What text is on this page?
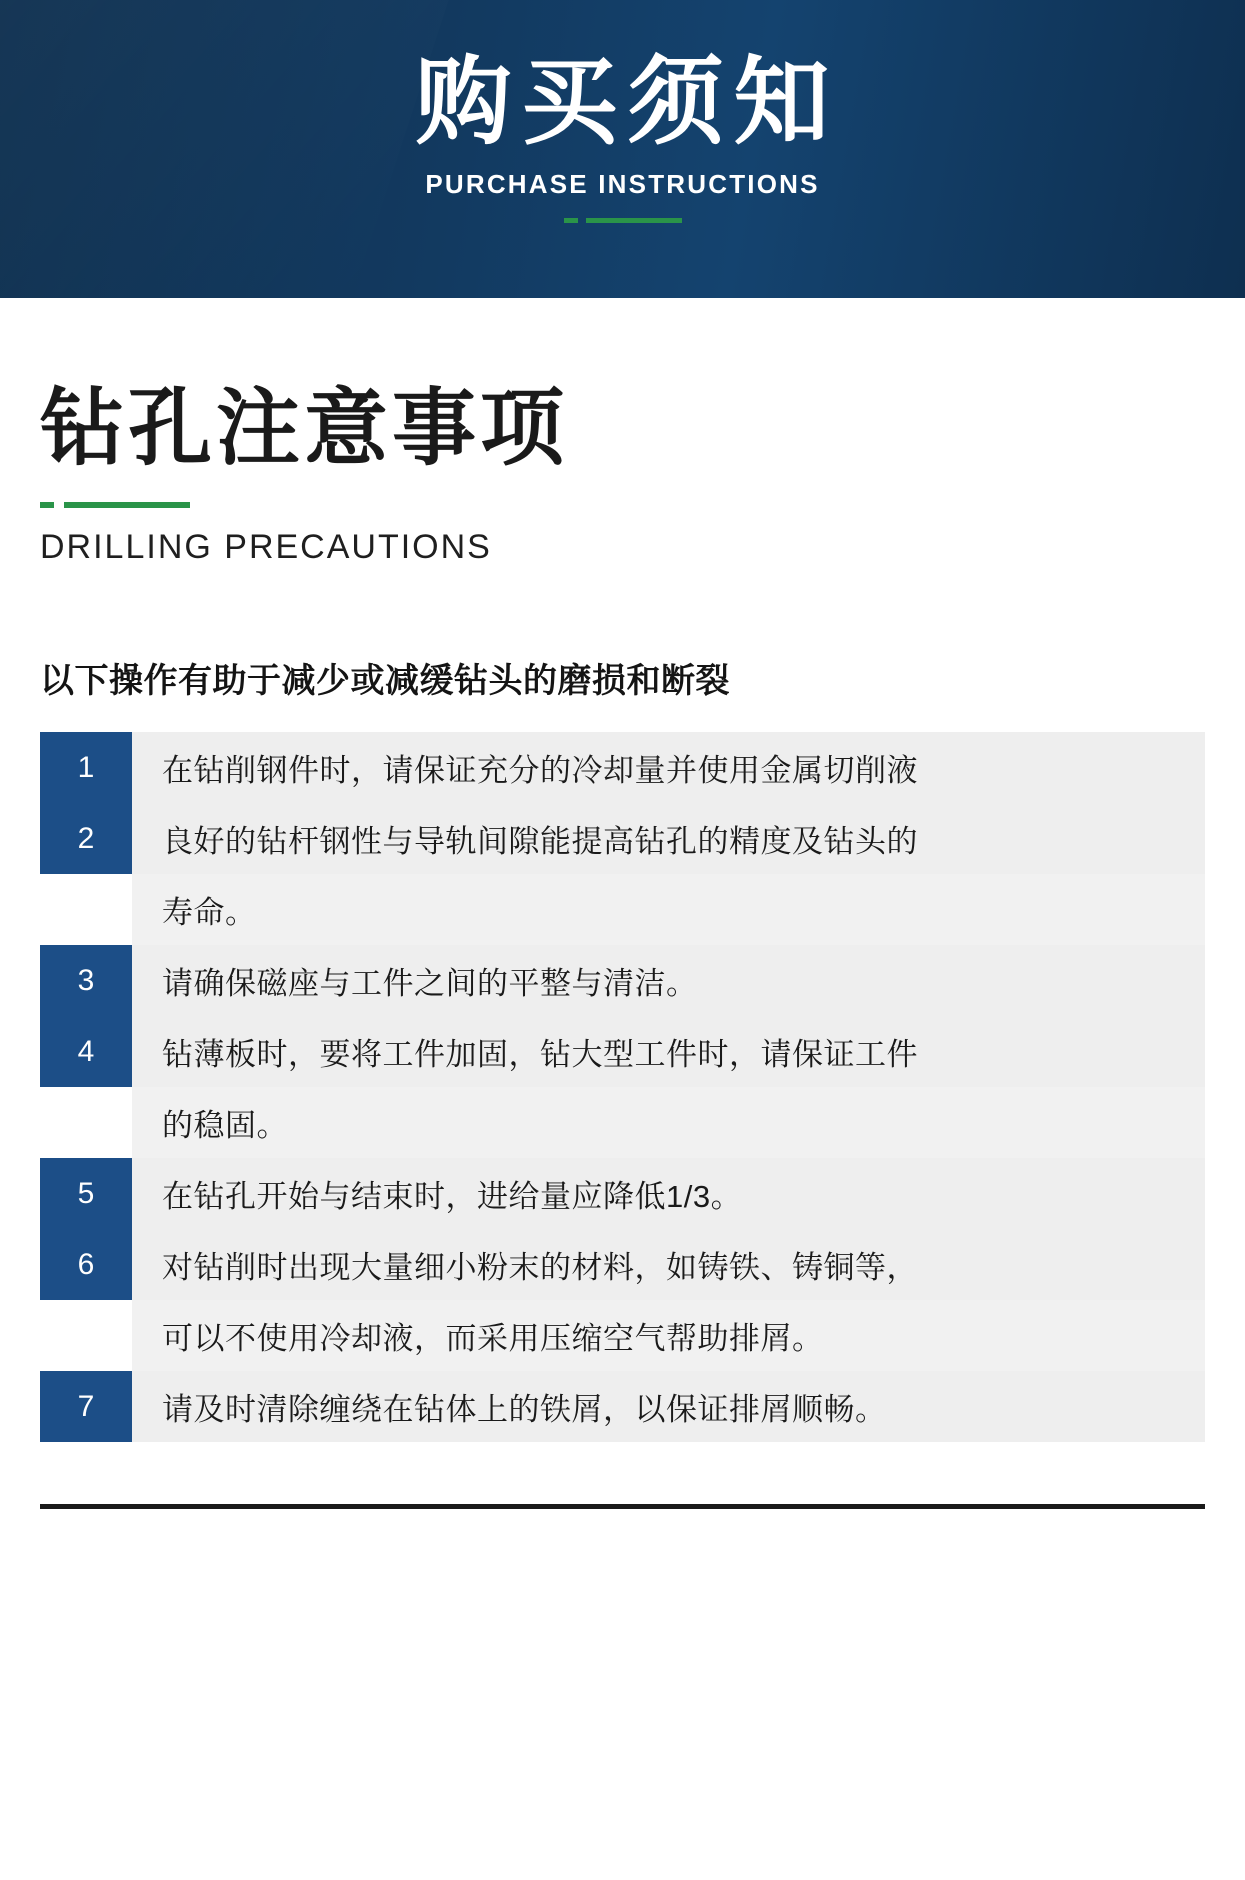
购买须知
PURCHASE INSTRUCTIONS
钻孔注意事项
DRILLING PRECAUTIONS
以下操作有助于减少或减缓钻头的磨损和断裂
1	在钻削钢件时，请保证充分的冷却量并使用金属切削液
2	良好的钻杆钢性与导轨间隙能提高钻孔的精度及钻头的
寿命。
3	请确保磁座与工件之间的平整与清洁。
4	钻薄板时，要将工件加固，钻大型工件时，请保证工件
的稳固。
5	在钻孔开始与结束时，进给量应降低1/3。
6	对钻削时出现大量细小粉末的材料，如铸铁、铸铜等，
可以不使用冷却液，而采用压缩空气帮助排屑。
7	请及时清除缠绕在钻体上的铁屑，以保证排屑顺畅。
